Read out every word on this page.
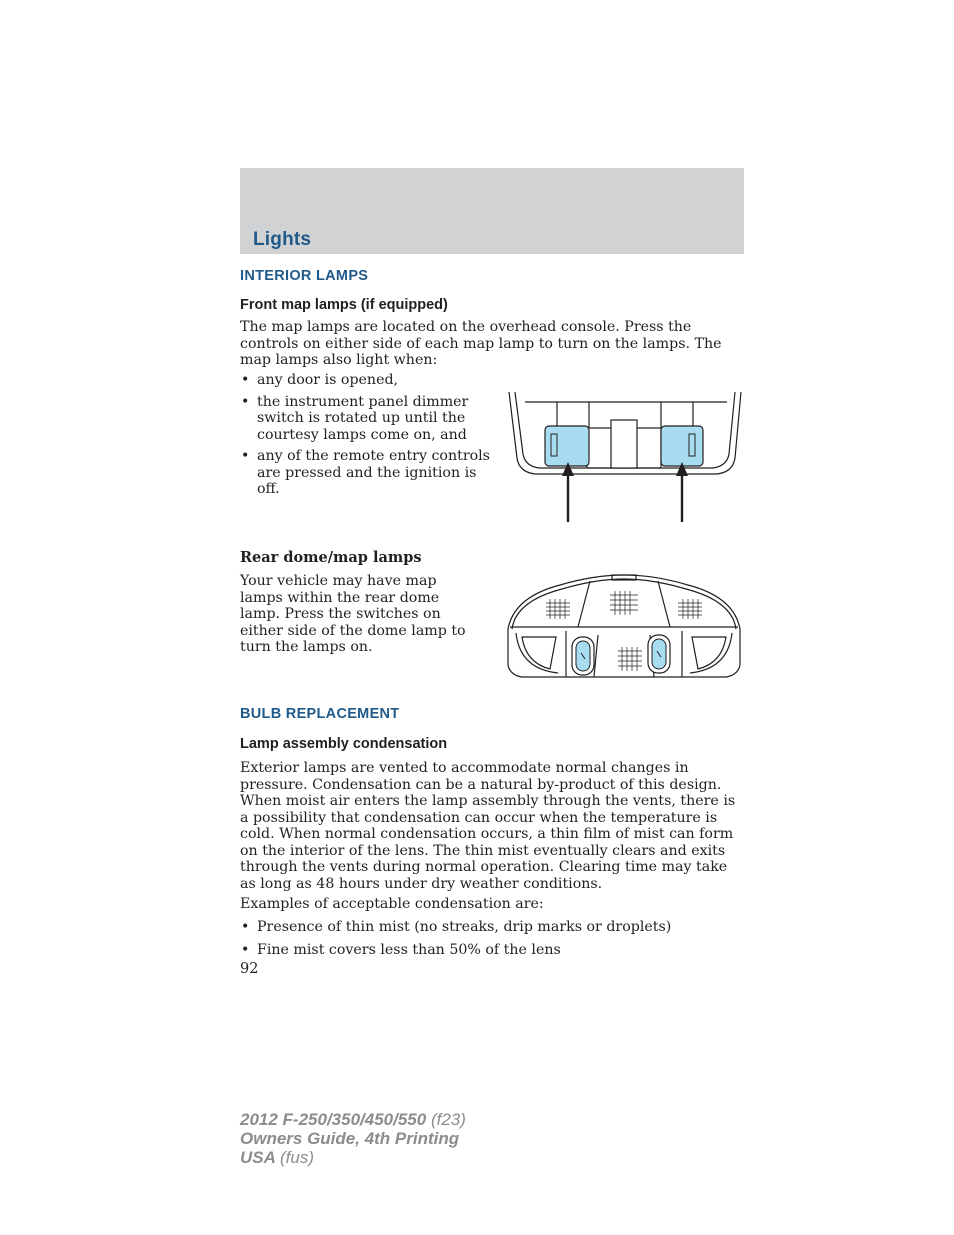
Lights
INTERIOR LAMPS
Front map lamps (if equipped)

The map lamps are located on the overhead console. Press the controls on either side of each map lamp to turn on the lamps. The map lamps also light when:

• any door is opened,
• the instrument panel dimmer switch is rotated up until the courtesy lamps come on, and
• any of the remote entry controls are pressed and the ignition is off.
Rear dome/map lamps

Your vehicle may have map lamps within the rear dome lamp. Press the switches on either side of the dome lamp to turn the lamps on.

BULB REPLACEMENT
Lamp assembly condensation

Exterior lamps are vented to accommodate normal changes in pressure. Condensation can be a natural by-product of this design. When moist air enters the lamp assembly through the vents, there is a possibility that condensation can occur when the temperature is cold. When normal condensation occurs, a thin film of mist can form on the interior of the lens. The thin mist eventually clears and exits through the vents during normal operation. Clearing time may take as long as 48 hours under dry weather conditions.

Examples of acceptable condensation are:

• Presence of thin mist (no streaks, drip marks or droplets)
• Fine mist covers less than 50% of the lens
92
2012 F-250/350/450/550 (f23)
Owners Guide, 4th Printing
USA (fus)
